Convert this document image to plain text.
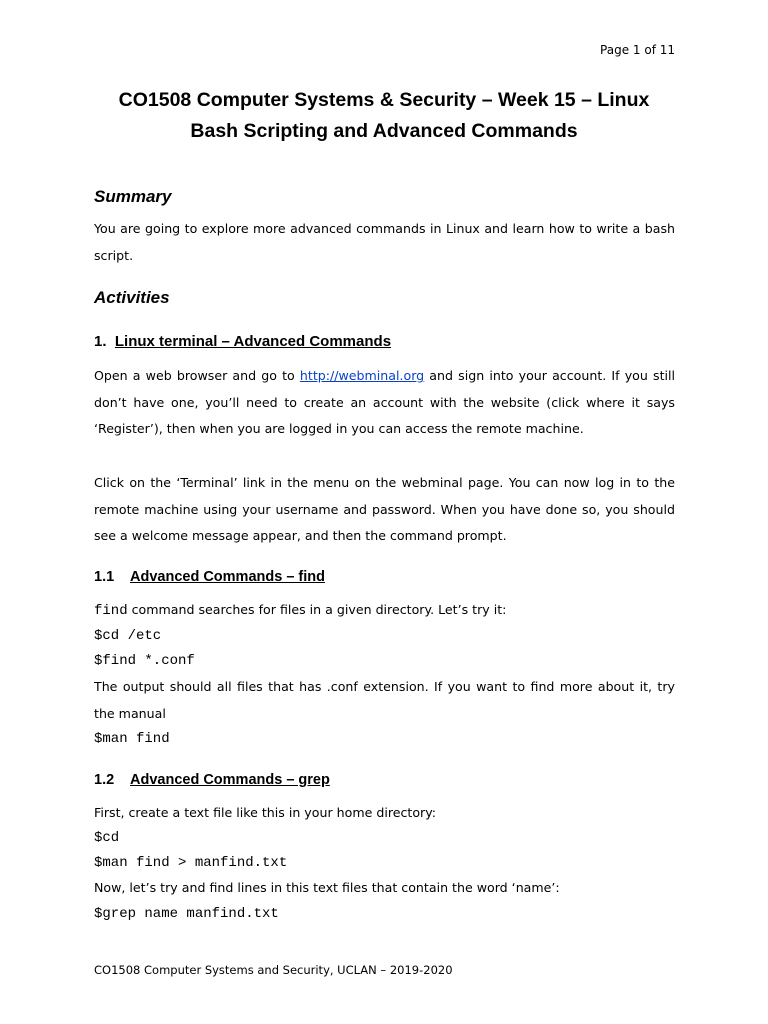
Page 1 of 11
CO1508 Computer Systems & Security – Week 15 – Linux
Bash Scripting and Advanced Commands
Summary
You are going to explore more advanced commands in Linux and learn how to write a bash script.
Activities
1. Linux terminal – Advanced Commands
Open a web browser and go to http://webminal.org and sign into your account. If you still don’t have one, you’ll need to create an account with the website (click where it says ‘Register’), then when you are logged in you can access the remote machine.
Click on the ‘Terminal’ link in the menu on the webminal page. You can now log in to the remote machine using your username and password. When you have done so, you should see a welcome message appear, and then the command prompt.
1.1 Advanced Commands – find
find command searches for files in a given directory. Let’s try it:
$cd /etc
$find *.conf
The output should all files that has .conf extension. If you want to find more about it, try the manual
$man find
1.2 Advanced Commands – grep
First, create a text file like this in your home directory:
$cd
$man find > manfind.txt
Now, let’s try and find lines in this text files that contain the word ‘name’:
$grep name manfind.txt
CO1508 Computer Systems and Security, UCLAN – 2019-2020
